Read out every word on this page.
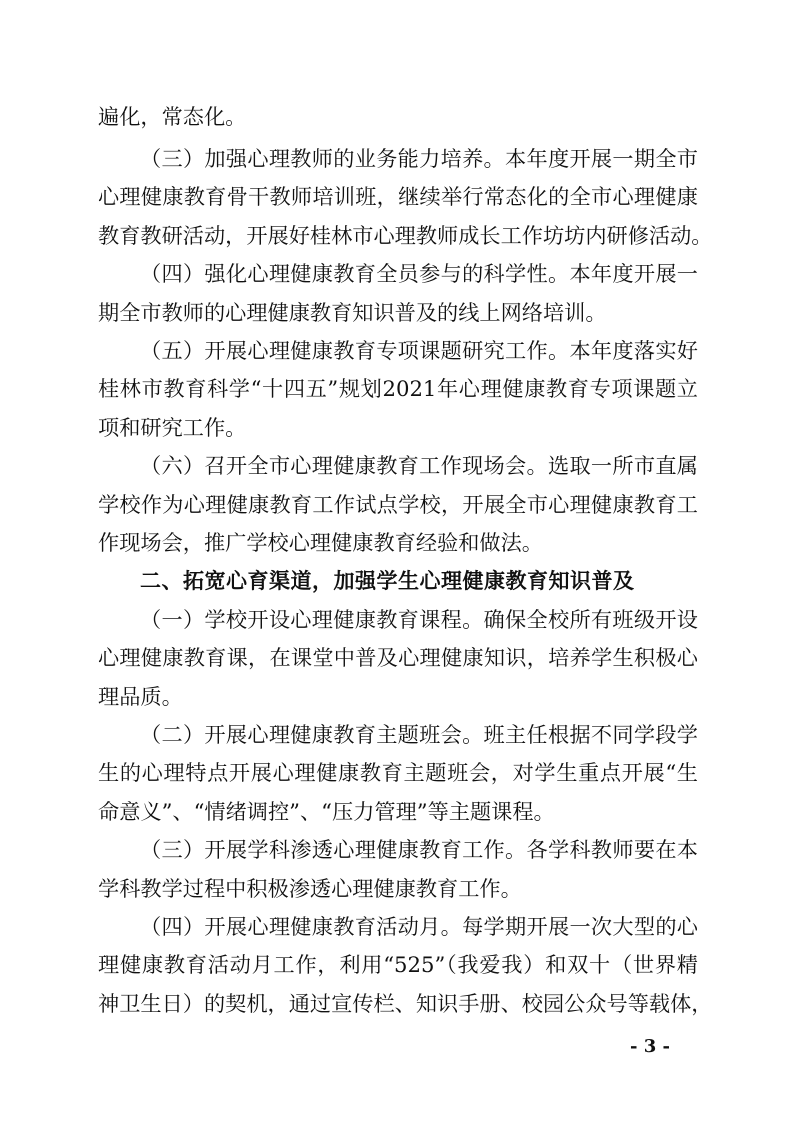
遍化，常态化。
（三）加强心理教师的业务能力培养。本年度开展一期全市
心理健康教育骨干教师培训班，继续举行常态化的全市心理健康
教育教研活动，开展好桂林市心理教师成长工作坊坊内研修活动。
（四）强化心理健康教育全员参与的科学性。本年度开展一
期全市教师的心理健康教育知识普及的线上网络培训。
（五）开展心理健康教育专项课题研究工作。本年度落实好
桂林市教育科学“十四五”规划2021年心理健康教育专项课题立
项和研究工作。
（六）召开全市心理健康教育工作现场会。选取一所市直属
学校作为心理健康教育工作试点学校，开展全市心理健康教育工
作现场会，推广学校心理健康教育经验和做法。
二、拓宽心育渠道，加强学生心理健康教育知识普及
（一）学校开设心理健康教育课程。确保全校所有班级开设
心理健康教育课，在课堂中普及心理健康知识，培养学生积极心
理品质。
（二）开展心理健康教育主题班会。班主任根据不同学段学
生的心理特点开展心理健康教育主题班会，对学生重点开展“生
命意义”、“情绪调控”、“压力管理”等主题课程。
（三）开展学科渗透心理健康教育工作。各学科教师要在本
学科教学过程中积极渗透心理健康教育工作。
（四）开展心理健康教育活动月。每学期开展一次大型的心
理健康教育活动月工作，利用“525”（我爱我）和双十（世界精
神卫生日）的契机，通过宣传栏、知识手册、校园公众号等载体，
- 3 -
